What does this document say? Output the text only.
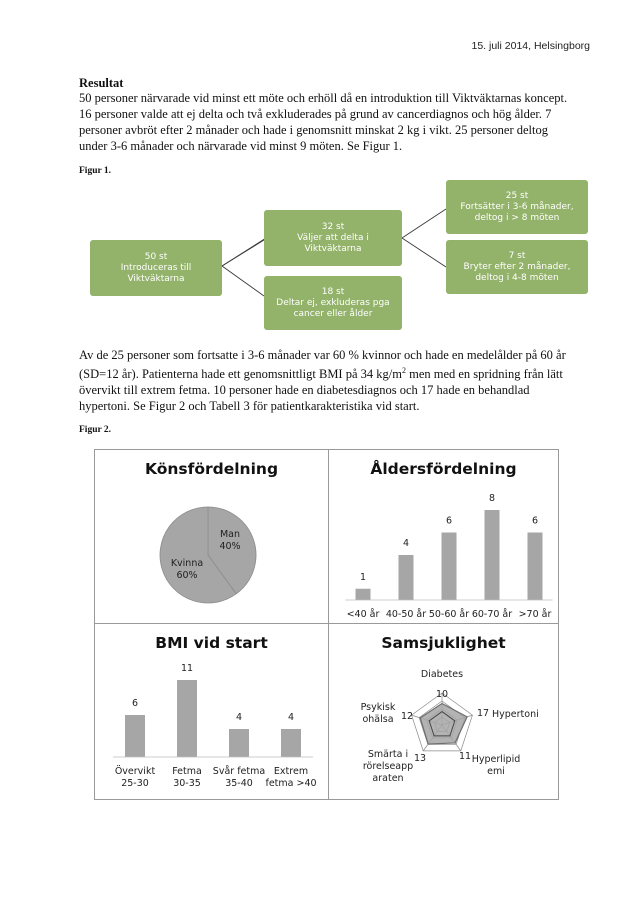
15. juli 2014, Helsingborg
Resultat
50 personer närvarade vid minst ett möte och erhöll då en introduktion till Viktväktarnas koncept. 16 personer valde att ej delta och två exkluderades på grund av cancerdiagnos och hög ålder. 7 personer avbröt efter 2 månader och hade i genomsnitt minskat 2 kg i vikt. 25 personer deltog under 3-6 månader och närvarade vid minst 9 möten. Se Figur 1.
Figur 1.
50 st
Introduceras till
Viktväktarna
32 st
Väljer att delta i
Viktväktarna
18 st
Deltar ej, exkluderas pga
cancer eller ålder
25 st
Fortsätter i 3-6 månader,
deltog i > 8 möten
7 st
Bryter efter 2 månader,
deltog i 4-8 möten
Av de 25 personer som fortsatte i 3-6 månader var 60 % kvinnor och hade en medelålder på 60 år (SD=12 år). Patienterna hade ett genomsnittligt BMI på 34 $kg/m^2$ men med en spridning från lätt övervikt till extrem fetma. 10 personer hade en diabetesdiagnos och 17 hade en behandlad hypertoni. Se Figur 2 och Tabell 3 för patientkarakteristika vid start.
Figur 2.
Könsfördelning	Åldersfördelning
BMI vid start	Samsjuklighet
Man
40%
Kvinna
60%	1
<40 år
4
40-50 år
6
50-60 år
8
60-70 år
6
>70 år
6
Övervikt
25-30
11
Fetma
30-35
4
Svår fetma
35-40
4
Extrem
fetma >40
10
17
11
13
12
Diabetes
Hypertoni
Hyperlipid
emi
Smärta i
rörelseapp
araten
Psykisk
ohälsa
